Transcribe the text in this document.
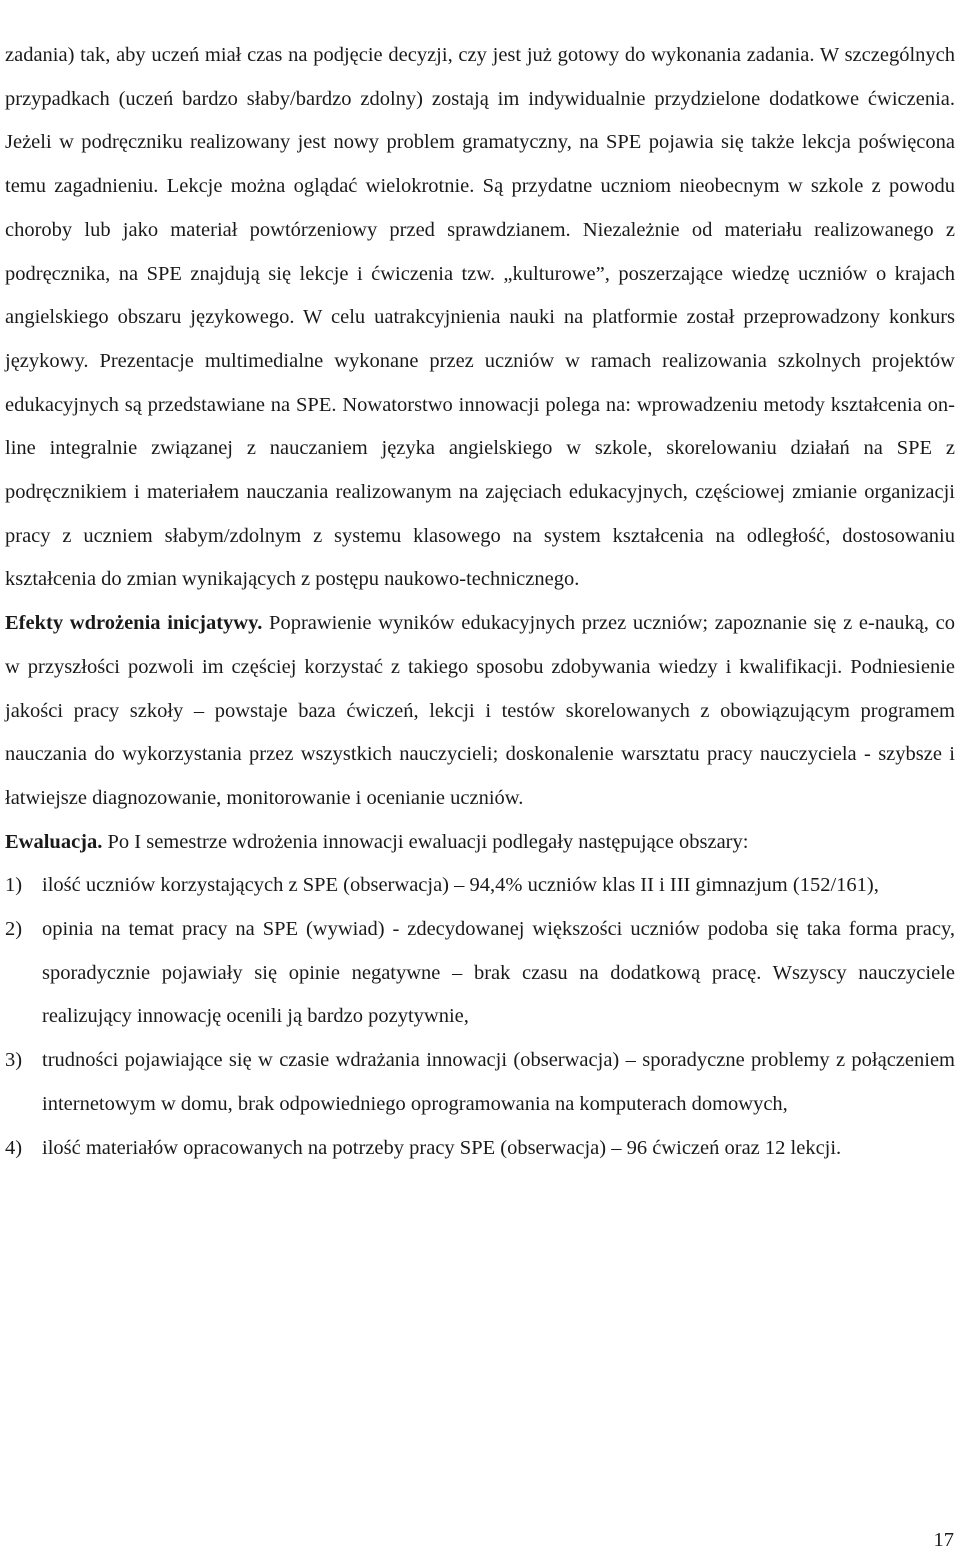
zadania) tak, aby uczeń miał czas na podjęcie decyzji, czy jest już gotowy do wykonania zadania. W szczególnych przypadkach (uczeń bardzo słaby/bardzo zdolny) zostają im indywidualnie przydzielone dodatkowe ćwiczenia. Jeżeli w podręczniku realizowany jest nowy problem gramatyczny, na SPE pojawia się także lekcja poświęcona temu zagadnieniu. Lekcje można oglądać wielokrotnie. Są przydatne uczniom nieobecnym w szkole z powodu choroby lub jako materiał powtórzeniowy przed sprawdzianem. Niezależnie od materiału realizowanego z podręcznika, na SPE znajdują się lekcje i ćwiczenia tzw. „kulturowe”, poszerzające wiedzę uczniów o krajach angielskiego obszaru językowego. W celu uatrakcyjnienia nauki na platformie został przeprowadzony konkurs językowy. Prezentacje multimedialne wykonane przez uczniów w ramach realizowania szkolnych projektów edukacyjnych są przedstawiane na SPE. Nowatorstwo innowacji polega na: wprowadzeniu metody kształcenia on-line integralnie związanej z nauczaniem języka angielskiego w szkole, skorelowaniu działań na SPE z podręcznikiem i materiałem nauczania realizowanym na zajęciach edukacyjnych, częściowej zmianie organizacji pracy z uczniem słabym/zdolnym z systemu klasowego na system kształcenia na odległość, dostosowaniu kształcenia do zmian wynikających z postępu naukowo-technicznego.

Efekty wdrożenia inicjatywy. Poprawienie wyników edukacyjnych przez uczniów; zapoznanie się z e-nauką, co w przyszłości pozwoli im częściej korzystać z takiego sposobu zdobywania wiedzy i kwalifikacji. Podniesienie jakości pracy szkoły – powstaje baza ćwiczeń, lekcji i testów skorelowanych z obowiązującym programem nauczania do wykorzystania przez wszystkich nauczycieli; doskonalenie warsztatu pracy nauczyciela - szybsze i łatwiejsze diagnozowanie, monitorowanie i ocenianie uczniów.

Ewaluacja. Po I semestrze wdrożenia innowacji ewaluacji podlegały następujące obszary:

1) ilość uczniów korzystających z SPE (obserwacja) – 94,4% uczniów klas II i III gimnazjum (152/161),
2) opinia na temat pracy na SPE (wywiad) - zdecydowanej większości uczniów podoba się taka forma pracy, sporadycznie pojawiały się opinie negatywne – brak czasu na dodatkową pracę. Wszyscy nauczyciele realizujący innowację ocenili ją bardzo pozytywnie,
3) trudności pojawiające się w czasie wdrażania innowacji (obserwacja) – sporadyczne problemy z połączeniem internetowym w domu, brak odpowiedniego oprogramowania na komputerach domowych,
4) ilość materiałów opracowanych na potrzeby pracy SPE (obserwacja) – 96 ćwiczeń oraz 12 lekcji.
17
